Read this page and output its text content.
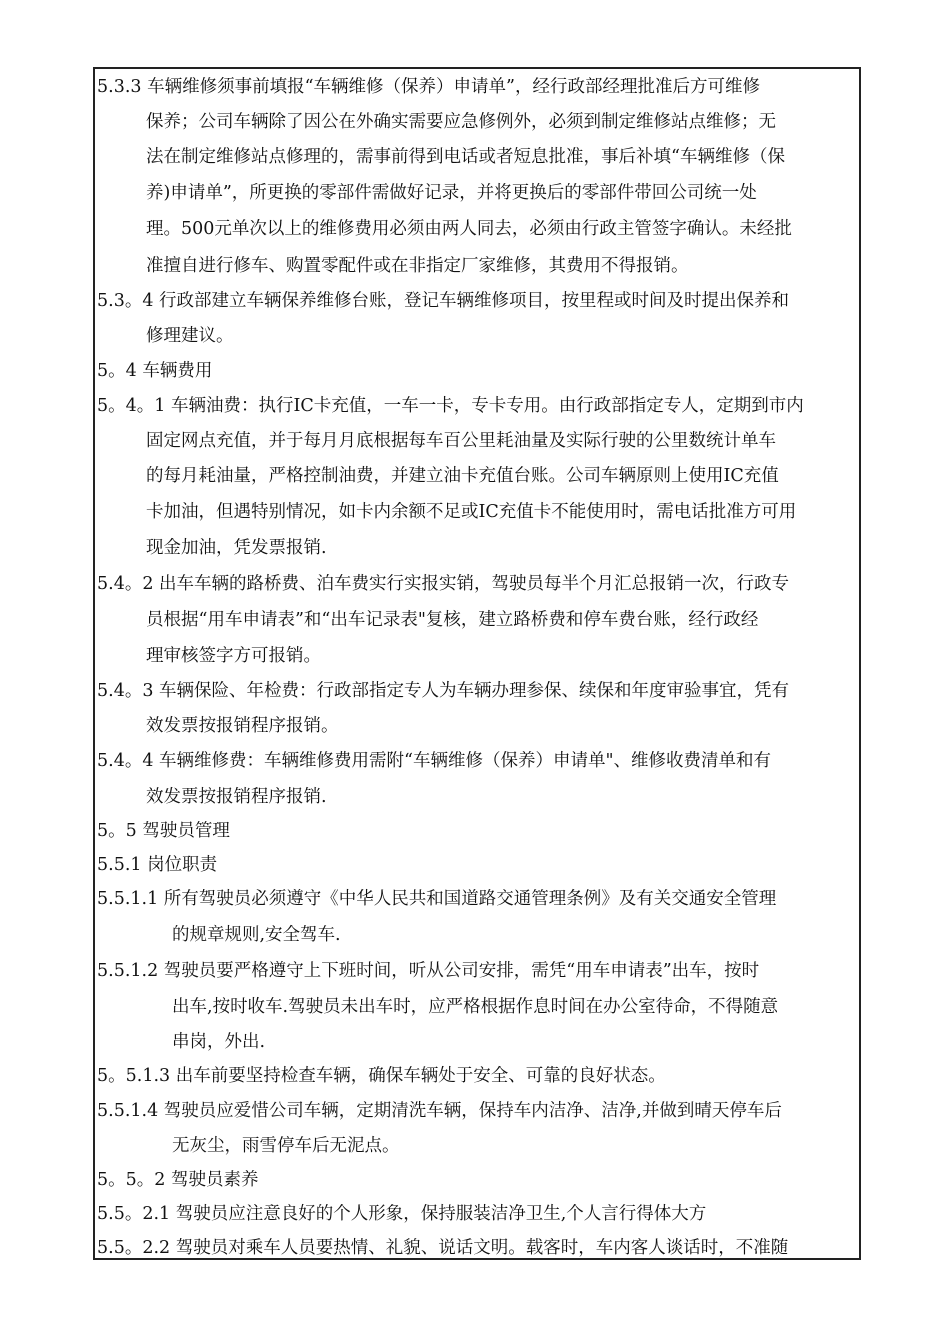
5.3.3 车辆维修须事前填报“车辆维修（保养）申请单”，经行政部经理批准后方可维修
保养；公司车辆除了因公在外确实需要应急修例外，必须到制定维修站点维修；无
法在制定维修站点修理的，需事前得到电话或者短息批准，事后补填“车辆维修（保
养)申请单”，所更换的零部件需做好记录，并将更换后的零部件带回公司统一处
理。500元单次以上的维修费用必须由两人同去，必须由行政主管签字确认。未经批
准擅自进行修车、购置零配件或在非指定厂家维修，其费用不得报销。
5.3。4 行政部建立车辆保养维修台账，登记车辆维修项目，按里程或时间及时提出保养和
修理建议。
5。4 车辆费用
5。4。1 车辆油费：执行IC卡充值，一车一卡，专卡专用。由行政部指定专人，定期到市内
固定网点充值，并于每月月底根据每车百公里耗油量及实际行驶的公里数统计单车
的每月耗油量，严格控制油费，并建立油卡充值台账。公司车辆原则上使用IC充值
卡加油，但遇特别情况，如卡内余额不足或IC充值卡不能使用时，需电话批准方可用
现金加油，凭发票报销.
5.4。2 出车车辆的路桥费、泊车费实行实报实销，驾驶员每半个月汇总报销一次，行政专
员根据“用车申请表”和“出车记录表"复核，建立路桥费和停车费台账，经行政经
理审核签字方可报销。
5.4。3 车辆保险、年检费：行政部指定专人为车辆办理参保、续保和年度审验事宜，凭有
效发票按报销程序报销。
5.4。4 车辆维修费：车辆维修费用需附“车辆维修（保养）申请单"、维修收费清单和有
效发票按报销程序报销.
5。5 驾驶员管理
5.5.1 岗位职责
5.5.1.1 所有驾驶员必须遵守《中华人民共和国道路交通管理条例》及有关交通安全管理
的规章规则,安全驾车.
5.5.1.2 驾驶员要严格遵守上下班时间，听从公司安排，需凭“用车申请表”出车，按时
出车,按时收车.驾驶员未出车时，应严格根据作息时间在办公室待命，不得随意
串岗，外出.
5。5.1.3 出车前要坚持检查车辆，确保车辆处于安全、可靠的良好状态。
5.5.1.4 驾驶员应爱惜公司车辆，定期清洗车辆，保持车内洁净、洁净,并做到晴天停车后
无灰尘，雨雪停车后无泥点。
5。5。2 驾驶员素养
5.5。2.1 驾驶员应注意良好的个人形象，保持服装洁净卫生,个人言行得体大方
5.5。2.2 驾驶员对乘车人员要热情、礼貌、说话文明。载客时，车内客人谈话时，不准随
